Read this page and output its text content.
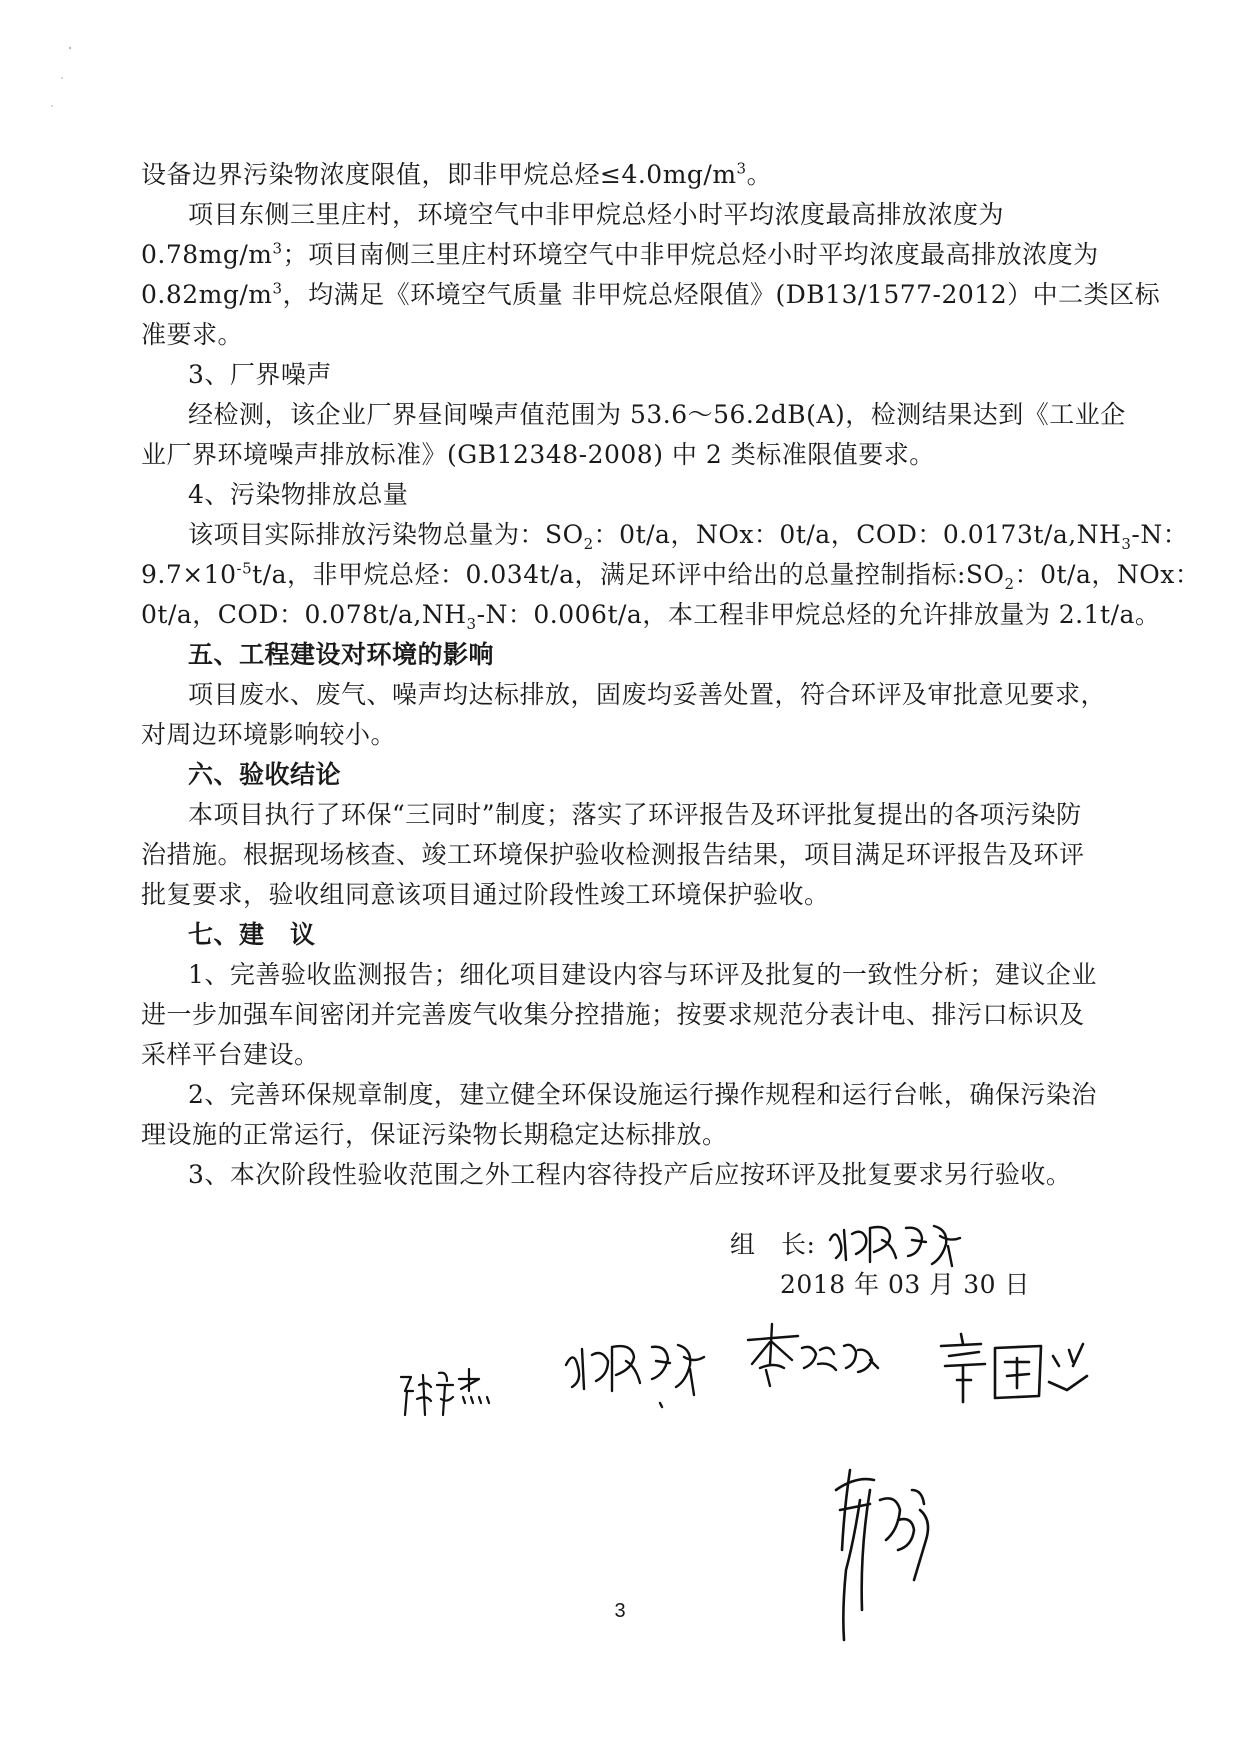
设备边界污染物浓度限值，即非甲烷总烃$\le 4.0mg/m^3$。
项目东侧三里庄村，环境空气中非甲烷总烃小时平均浓度最高排放浓度为
$0.78mg/m^3$；项目南侧三里庄村环境空气中非甲烷总烃小时平均浓度最高排放浓度为
$0.82mg/m^3$，均满足《环境空气质量 非甲烷总烃限值》(DB13/1577-2012）中二类区标
准要求。
3、厂界噪声
经检测，该企业厂界昼间噪声值范围为 53.6～56.2dB(A)，检测结果达到《工业企
业厂界环境噪声排放标准》(GB12348-2008) 中 2 类标准限值要求。
4、污染物排放总量
该项目实际排放污染物总量为：$SO_2$：0t/a，NOx：0t/a，COD：$0.0173t/a,NH_3-N$：
$9.7\times 10^{-5}t/a$，非甲烷总烃：0.034t/a，满足环评中给出的总量控制指标$:SO_2$：0t/a，NOx：
0t/a，COD：$0.078t/a,NH_3-N$：0.006t/a，本工程非甲烷总烃的允许排放量为 2.1t/a。
五、工程建设对环境的影响
项目废水、废气、噪声均达标排放，固废均妥善处置，符合环评及审批意见要求，
对周边环境影响较小。
六、验收结论
本项目执行了环保“三同时”制度；落实了环评报告及环评批复提出的各项污染防
治措施。根据现场核查、竣工环境保护验收检测报告结果，项目满足环评报告及环评
批复要求，验收组同意该项目通过阶段性竣工环境保护验收。
七、建　议
1、完善验收监测报告；细化项目建设内容与环评及批复的一致性分析；建议企业
进一步加强车间密闭并完善废气收集分控措施；按要求规范分表计电、排污口标识及
采样平台建设。
2、完善环保规章制度，建立健全环保设施运行操作规程和运行台帐，确保污染治
理设施的正常运行，保证污染物长期稳定达标排放。
3、本次阶段性验收范围之外工程内容待投产后应按环评及批复要求另行验收。
组　长:
2018 年 03 月 30 日
3
